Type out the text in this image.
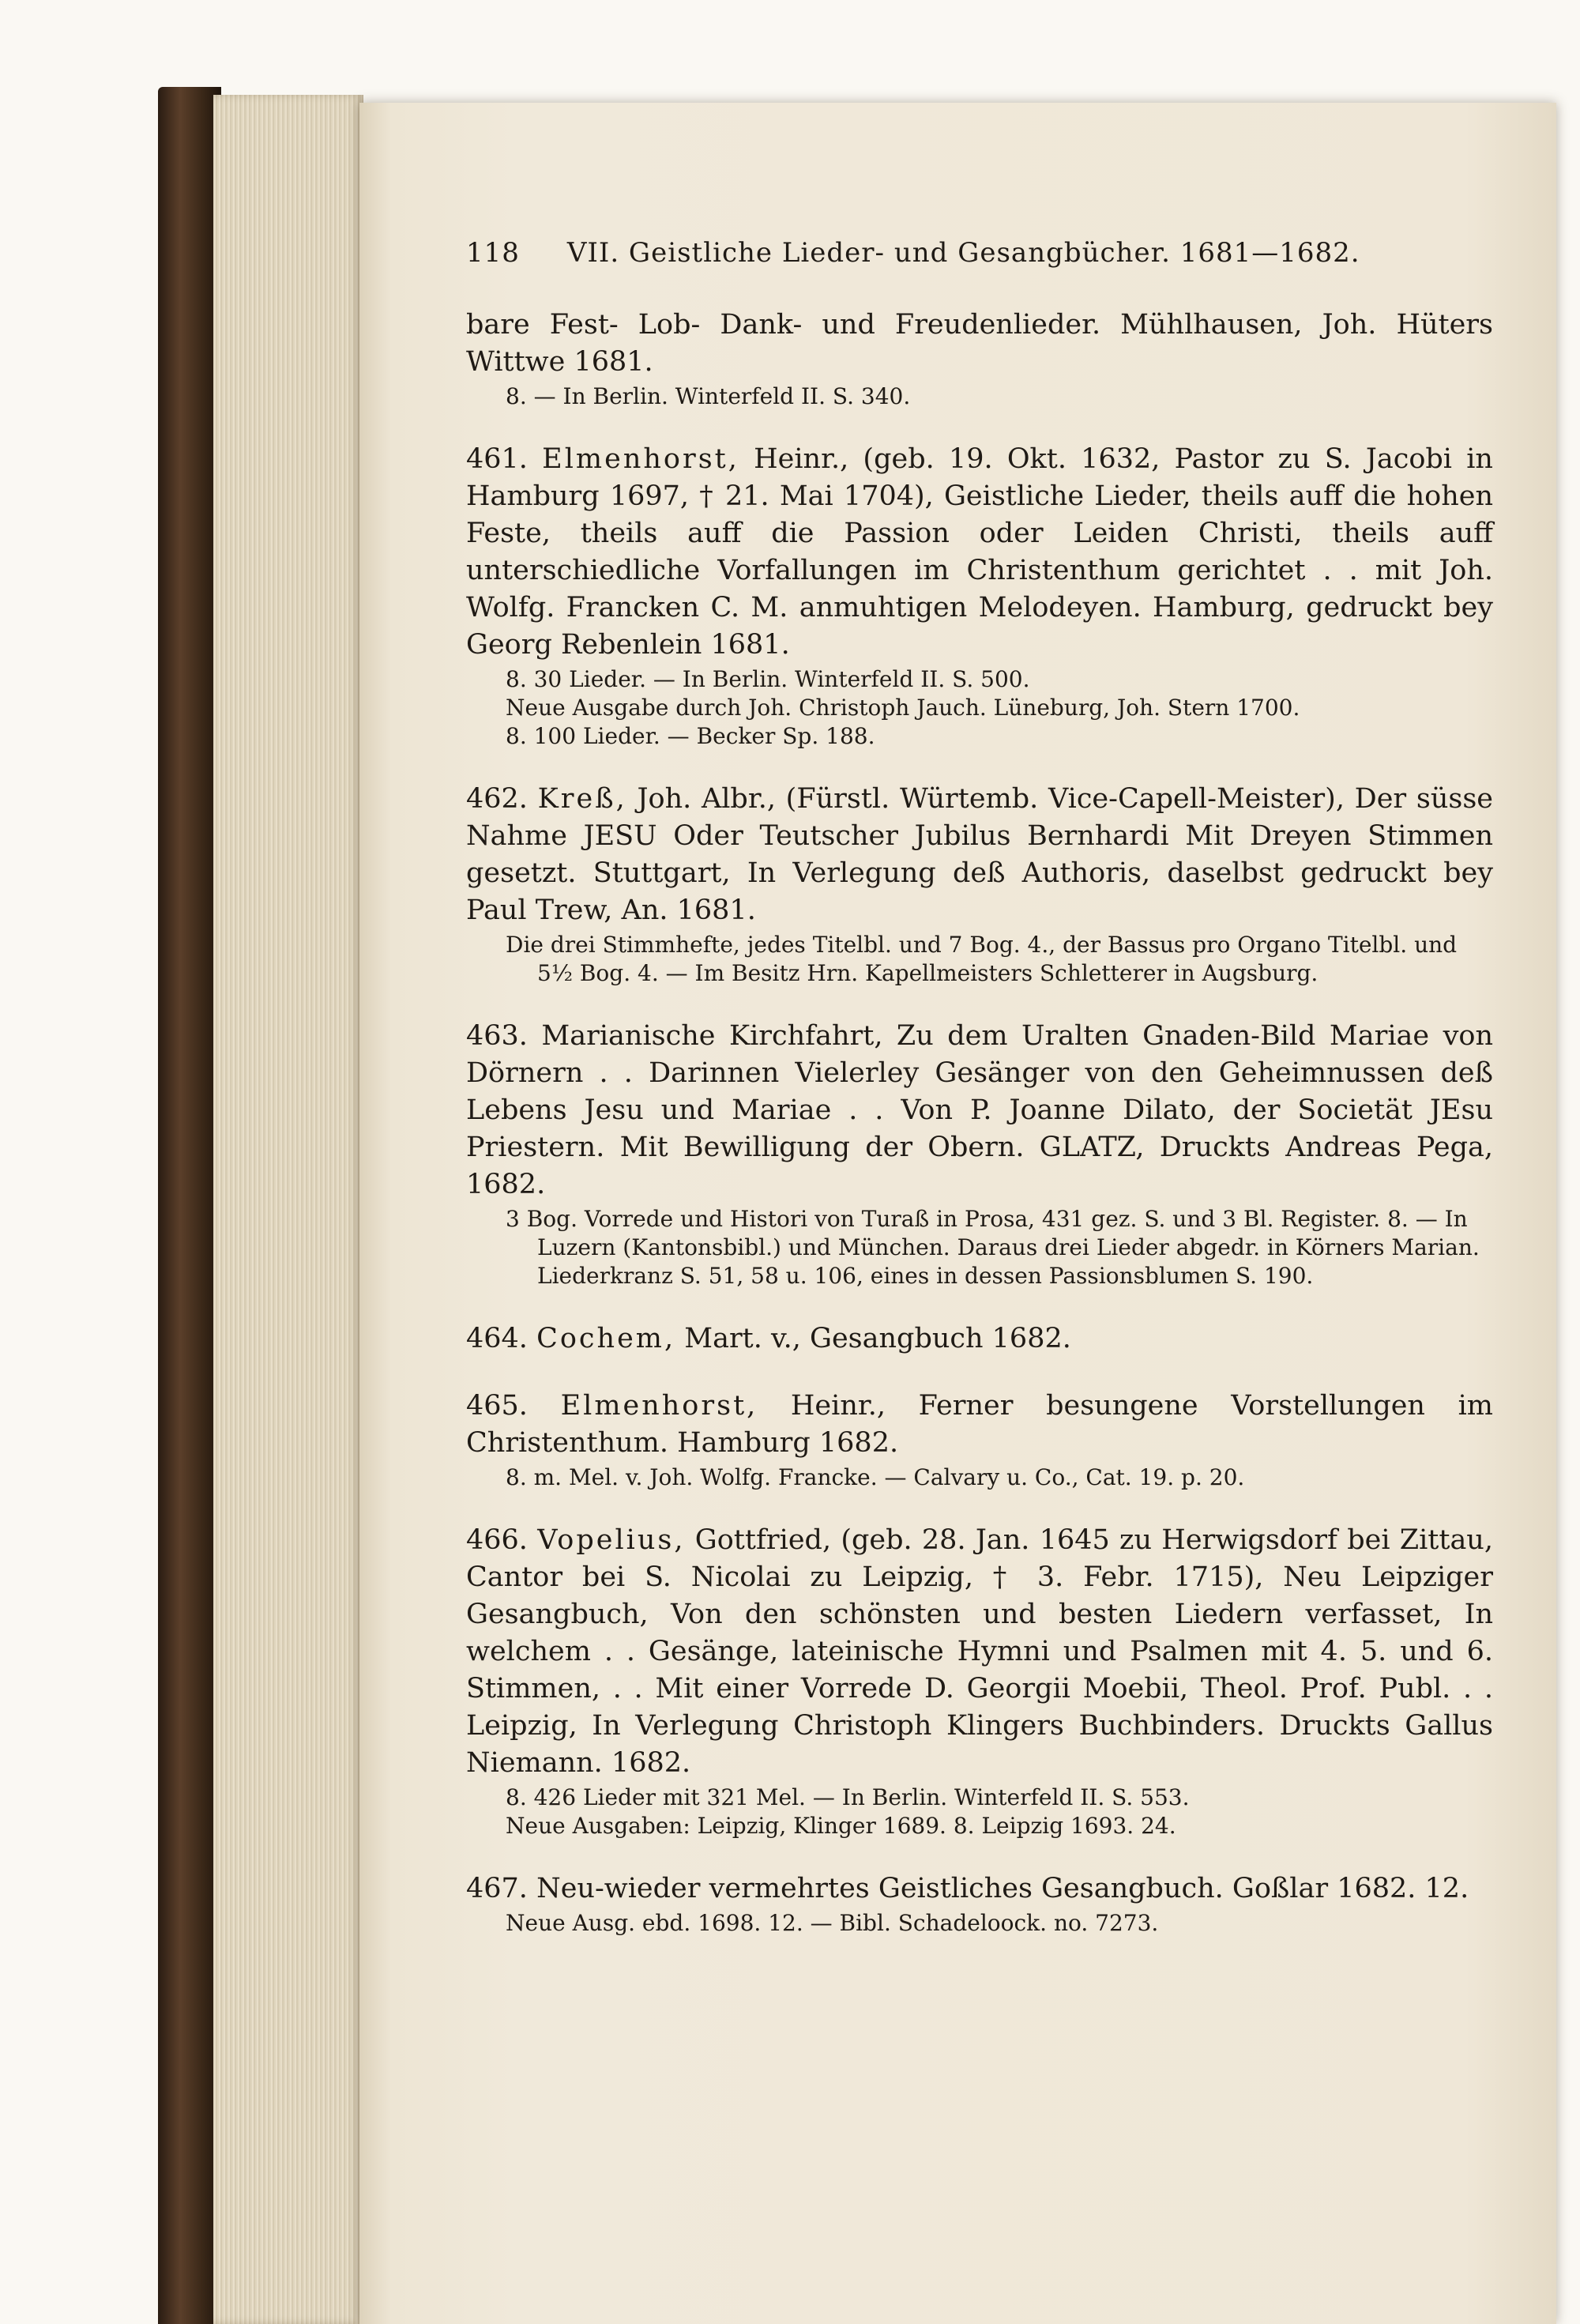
118 VII. Geistliche Lieder- und Gesangbücher. 1681—1682.

bare Fest- Lob- Dank- und Freudenlieder. Mühlhausen, Joh. Hüters Wittwe 1681.

8. — In Berlin. Winterfeld II. S. 340.

461. Elmenhorst, Heinr., (geb. 19. Okt. 1632, Pastor zu S. Jacobi in Hamburg 1697, † 21. Mai 1704), Geistliche Lieder, theils auff die hohen Feste, theils auff die Passion oder Leiden Christi, theils auff unterschiedliche Vorfallungen im Christenthum gerichtet . . mit Joh. Wolfg. Francken C. M. anmuhtigen Melodeyen. Hamburg, gedruckt bey Georg Rebenlein 1681.

8. 30 Lieder. — In Berlin. Winterfeld II. S. 500.

Neue Ausgabe durch Joh. Christoph Jauch. Lüneburg, Joh. Stern 1700.

8. 100 Lieder. — Becker Sp. 188.

462. Kreß, Joh. Albr., (Fürstl. Würtemb. Vice-Capell-Meister), Der süsse Nahme JESU Oder Teutscher Jubilus Bernhardi Mit Dreyen Stimmen gesetzt. Stuttgart, In Verlegung deß Authoris, daselbst gedruckt bey Paul Trew, An. 1681.

Die drei Stimmhefte, jedes Titelbl. und 7 Bog. 4., der Bassus pro Organo Titelbl. und 5½ Bog. 4. — Im Besitz Hrn. Kapellmeisters Schletterer in Augsburg.

463. Marianische Kirchfahrt, Zu dem Uralten Gnaden-Bild Mariae von Dörnern . . Darinnen Vielerley Gesänger von den Geheimnussen deß Lebens Jesu und Mariae . . Von P. Joanne Dilato, der Societät JEsu Priestern. Mit Bewilligung der Obern. GLATZ, Druckts Andreas Pega, 1682.

3 Bog. Vorrede und Histori von Turaß in Prosa, 431 gez. S. und 3 Bl. Register. 8. — In Luzern (Kantonsbibl.) und München. Daraus drei Lieder abgedr. in Körners Marian. Liederkranz S. 51, 58 u. 106, eines in dessen Passionsblumen S. 190.

464. Cochem, Mart. v., Gesangbuch 1682.

465. Elmenhorst, Heinr., Ferner besungene Vorstellungen im Christenthum. Hamburg 1682.

8. m. Mel. v. Joh. Wolfg. Francke. — Calvary u. Co., Cat. 19. p. 20.

466. Vopelius, Gottfried, (geb. 28. Jan. 1645 zu Herwigsdorf bei Zittau, Cantor bei S. Nicolai zu Leipzig, † 3. Febr. 1715), Neu Leipziger Gesangbuch, Von den schönsten und besten Liedern verfasset, In welchem . . Gesänge, lateinische Hymni und Psalmen mit 4. 5. und 6. Stimmen, . . Mit einer Vorrede D. Georgii Moebii, Theol. Prof. Publ. . . Leipzig, In Verlegung Christoph Klingers Buchbinders. Druckts Gallus Niemann. 1682.

8. 426 Lieder mit 321 Mel. — In Berlin. Winterfeld II. S. 553.

Neue Ausgaben: Leipzig, Klinger 1689. 8. Leipzig 1693. 24.

467. Neu-wieder vermehrtes Geistliches Gesangbuch. Goßlar 1682. 12.

Neue Ausg. ebd. 1698. 12. — Bibl. Schadeloock. no. 7273.
